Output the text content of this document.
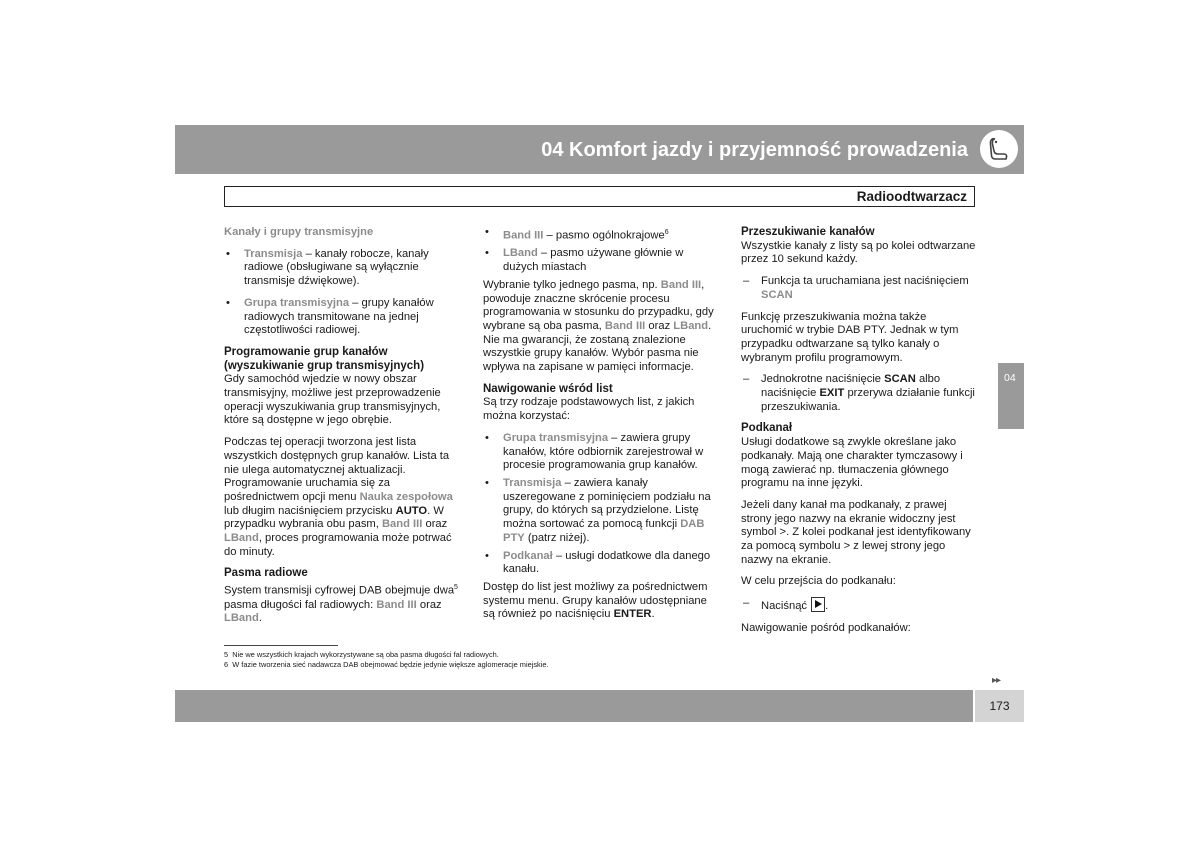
04 Komfort jazdy i przyjemność prowadzenia
Radioodtwarzacz

Kanały i grupy transmisyjne

• Transmisja – kanały robocze, kanały radiowe (obsługiwane są wyłącznie transmisje dźwiękowe).
• Grupa transmisyjna – grupy kanałów radiowych transmitowane na jednej częstotliwości radiowej.
Programowanie grup kanałów
(wyszukiwanie grup transmisyjnych)

Gdy samochód wjedzie w nowy obszar transmisyjny, możliwe jest przeprowadzenie operacji wyszukiwania grup transmisyjnych, które są dostępne w jego obrębie.

Podczas tej operacji tworzona jest lista wszystkich dostępnych grup kanałów. Lista ta nie ulega automatycznej aktualizacji. Programowanie uruchamia się za pośrednictwem opcji menu Nauka zespołowa lub długim naciśnięciem przycisku AUTO. W przypadku wybrania obu pasm, Band III oraz LBand, proces programowania może potrwać do minuty.

Pasma radiowe

System transmisji cyfrowej DAB obejmuje dwa$^5$ pasma długości fal radiowych: Band III oraz LBand.

• Band III – pasmo ogólnokrajowe$^6$
• LBand – pasmo używane głównie w dużych miastach

Wybranie tylko jednego pasma, np. Band III, powoduje znaczne skrócenie procesu programowania w stosunku do przypadku, gdy wybrane są oba pasma, Band III oraz LBand. Nie ma gwarancji, że zostaną znalezione wszystkie grupy kanałów. Wybór pasma nie wpływa na zapisane w pamięci informacje.

Nawigowanie wśród list

Są trzy rodzaje podstawowych list, z jakich można korzystać:

• Grupa transmisyjna – zawiera grupy kanałów, które odbiornik zarejestrował w procesie programowania grup kanałów.
• Transmisja – zawiera kanały uszeregowane z pominięciem podziału na grupy, do których są przydzielone. Listę można sortować za pomocą funkcji DAB PTY (patrz niżej).
• Podkanał – usługi dodatkowe dla danego kanału.

Dostęp do list jest możliwy za pośrednictwem systemu menu. Grupy kanałów udostępniane są również po naciśnięciu ENTER.

Przeszukiwanie kanałów

Wszystkie kanały z listy są po kolei odtwarzane przez 10 sekund każdy.

– Funkcja ta uruchamiana jest naciśnięciem SCAN

Funkcję przeszukiwania można także uruchomić w trybie DAB PTY. Jednak w tym przypadku odtwarzane są tylko kanały o wybranym profilu programowym.

– Jednokrotne naciśnięcie SCAN albo naciśnięcie EXIT przerywa działanie funkcji przeszukiwania.
Podkanał

Usługi dodatkowe są zwykle określane jako podkanały. Mają one charakter tymczasowy i mogą zawierać np. tłumaczenia głównego programu na inne języki.

Jeżeli dany kanał ma podkanały, z prawej strony jego nazwy na ekranie widoczny jest symbol >. Z kolei podkanał jest identyfikowany za pomocą symbolu > z lewej strony jego nazwy na ekranie.

W celu przejścia do podkanału:

– Naciśnąć .

Nawigowanie pośród podkanałów:

04
5 Nie we wszystkich krajach wykorzystywane są oba pasma długości fal radiowych.
6 W fazie tworzenia sieć nadawcza DAB obejmować będzie jedynie większe aglomeracje miejskie.
▸▸
173
